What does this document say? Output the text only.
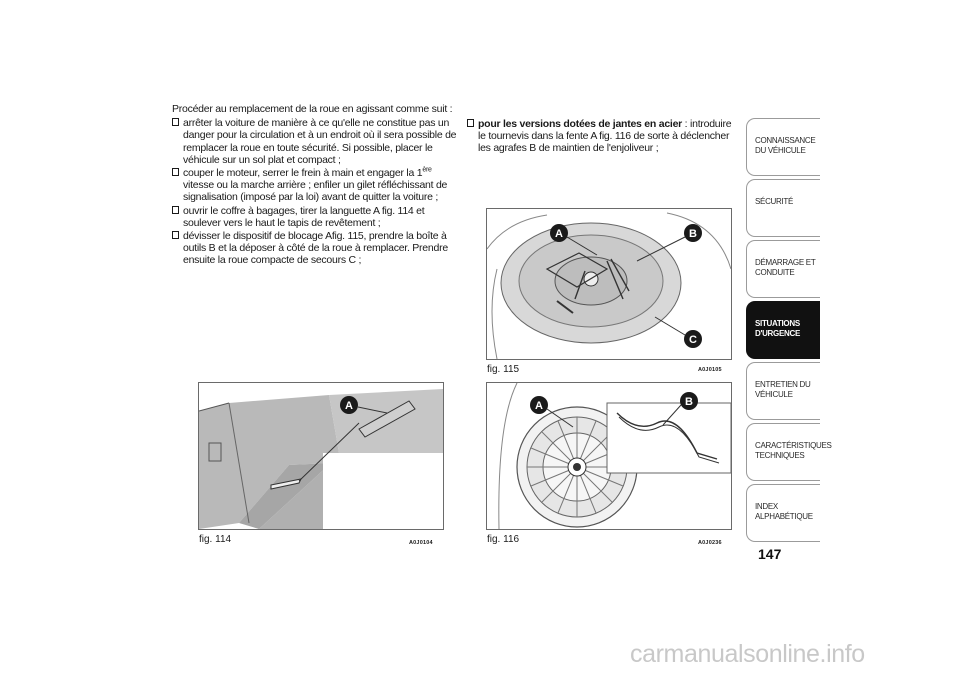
Procéder au remplacement de la roue en agissant comme suit :

arrêter la voiture de manière à ce qu'elle ne constitue pas un danger pour la circulation et à un endroit où il sera possible de remplacer la roue en toute sécurité. Si possible, placer le véhicule sur un sol plat et compact ;
couper le moteur, serrer le frein à main et engager la 1ère vitesse ou la marche arrière ; enfiler un gilet réfléchissant de signalisation (imposé par la loi) avant de quitter la voiture ;
ouvrir le coffre à bagages, tirer la languette A fig. 114 et soulever vers le haut le tapis de revêtement ;
dévisser le dispositif de blocage Afig. 115, prendre la boîte à outils B et la déposer à côté de la roue à remplacer. Prendre ensuite la roue compacte de secours C ;
pour les versions dotées de jantes en acier : introduire le tournevis dans la fente A fig. 116 de sorte à déclencher les agrafes B de maintien de l'enjoliveur ;
A
fig. 114	A0J0104
A	B
C
fig. 115	A0J0105
A	B
fig. 116	A0J0236
CONNAISSANCE DU VÉHICULE
SÉCURITÉ
DÉMARRAGE ET CONDUITE
SITUATIONS D'URGENCE
ENTRETIEN DU VÉHICULE
CARACTÉRISTIQUES TECHNIQUES
INDEX ALPHABÉTIQUE
147
carmanualsonline.info
